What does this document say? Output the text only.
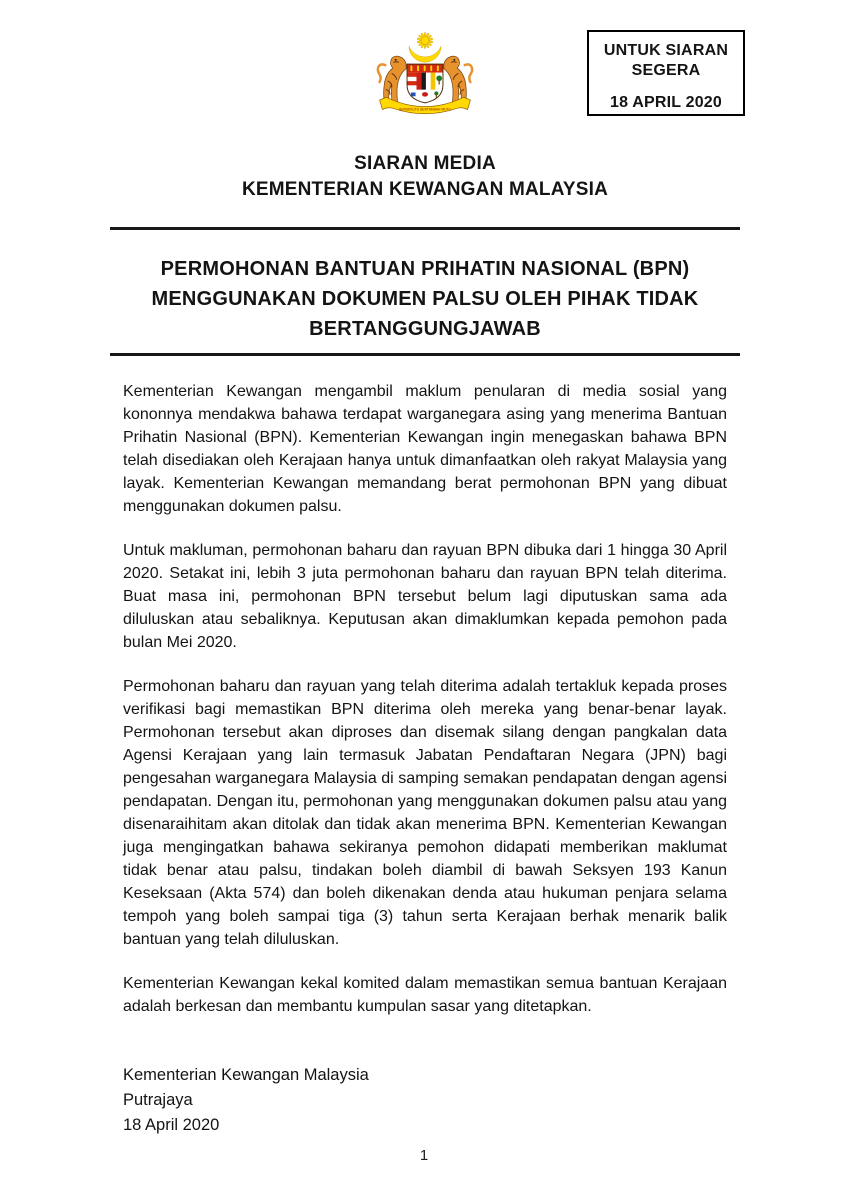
BERSEKUTU BERTAMBAH MUTU
UNTUK SIARAN SEGERA
18 APRIL 2020
SIARAN MEDIA
KEMENTERIAN KEWANGAN MALAYSIA
PERMOHONAN BANTUAN PRIHATIN NASIONAL (BPN)
MENGGUNAKAN DOKUMEN PALSU OLEH PIHAK TIDAK
BERTANGGUNGJAWAB

Kementerian Kewangan mengambil maklum penularan di media sosial yang kononnya mendakwa bahawa terdapat warganegara asing yang menerima Bantuan Prihatin Nasional (BPN). Kementerian Kewangan ingin menegaskan bahawa BPN telah disediakan oleh Kerajaan hanya untuk dimanfaatkan oleh rakyat Malaysia yang layak. Kementerian Kewangan memandang berat permohonan BPN yang dibuat menggunakan dokumen palsu.

Untuk makluman, permohonan baharu dan rayuan BPN dibuka dari 1 hingga 30 April 2020. Setakat ini, lebih 3 juta permohonan baharu dan rayuan BPN telah diterima. Buat masa ini, permohonan BPN tersebut belum lagi diputuskan sama ada diluluskan atau sebaliknya. Keputusan akan dimaklumkan kepada pemohon pada bulan Mei 2020.

Permohonan baharu dan rayuan yang telah diterima adalah tertakluk kepada proses verifikasi bagi memastikan BPN diterima oleh mereka yang benar-benar layak. Permohonan tersebut akan diproses dan disemak silang dengan pangkalan data Agensi Kerajaan yang lain termasuk Jabatan Pendaftaran Negara (JPN) bagi pengesahan warganegara Malaysia di samping semakan pendapatan dengan agensi pendapatan. Dengan itu, permohonan yang menggunakan dokumen palsu atau yang disenaraihitam akan ditolak dan tidak akan menerima BPN. Kementerian Kewangan juga mengingatkan bahawa sekiranya pemohon didapati memberikan maklumat tidak benar atau palsu, tindakan boleh diambil di bawah Seksyen 193 Kanun Keseksaan (Akta 574) dan boleh dikenakan denda atau hukuman penjara selama tempoh yang boleh sampai tiga (3) tahun serta Kerajaan berhak menarik balik bantuan yang telah diluluskan.

Kementerian Kewangan kekal komited dalam memastikan semua bantuan Kerajaan adalah berkesan dan membantu kumpulan sasar yang ditetapkan.

Kementerian Kewangan Malaysia
Putrajaya
18 April 2020
1
